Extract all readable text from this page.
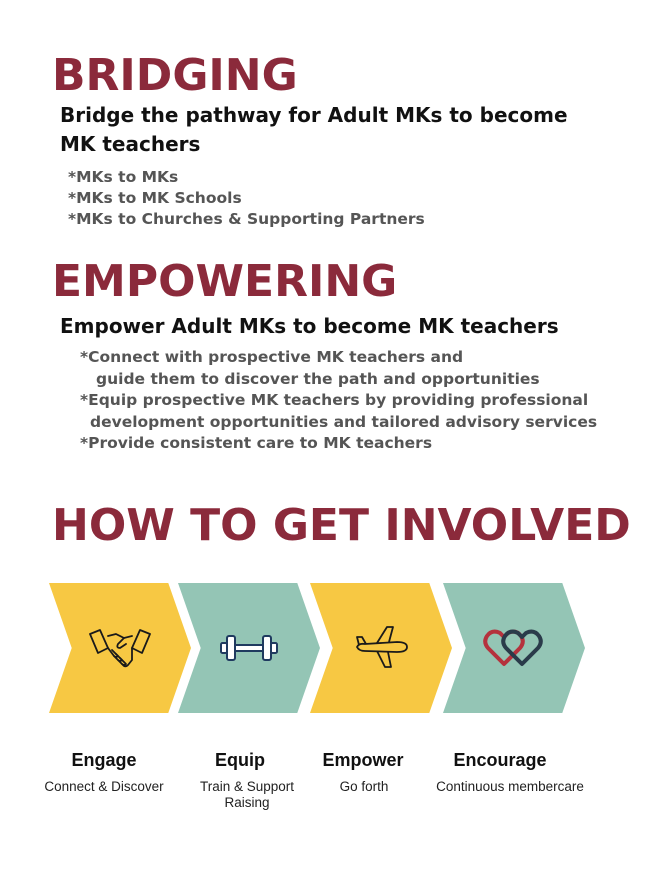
BRIDGING

Bridge the pathway for Adult MKs to become MK teachers

*MKs to MKs
*MKs to MK Schools
*MKs to Churches & Supporting Partners
EMPOWERING

Empower Adult MKs to become MK teachers

*Connect with prospective MK teachers and
guide them to discover the path and opportunities
*Equip prospective MK teachers by providing professional
development opportunities and tailored advisory services
*Provide consistent care to MK teachers
HOW TO GET INVOLVED
Engage
Connect & Discover
Equip
Train & Support
Raising
Empower
Go forth
Encourage
Continuous membercare
